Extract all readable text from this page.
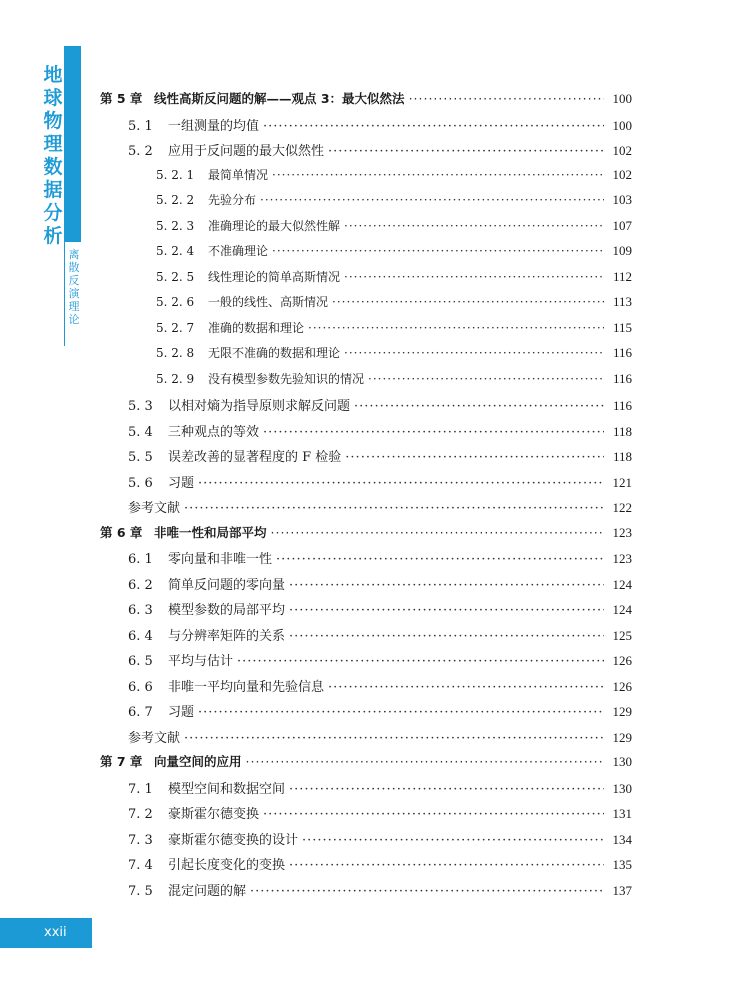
地
球
物
理
数
据
分
析
离
散
反
演
理
论
第 5 章 线性高斯反问题的解——观点 3：最大似然法 ·····	100
5. 1	一组测量的均值 ·····	100
5. 2	应用于反问题的最大似然性 ·····	102
5. 2. 1	最简单情况 ·····	102
5. 2. 2	先验分布 ·····	103
5. 2. 3	准确理论的最大似然性解 ·····	107
5. 2. 4	不准确理论 ·····	109
5. 2. 5	线性理论的简单高斯情况 ·····	112
5. 2. 6	一般的线性、高斯情况 ·····	113
5. 2. 7	准确的数据和理论 ·····	115
5. 2. 8	无限不准确的数据和理论 ·····	116
5. 2. 9	没有模型参数先验知识的情况 ·····	116
5. 3	以相对熵为指导原则求解反问题 ·····	116
5. 4	三种观点的等效 ·····	118
5. 5	误差改善的显著程度的 F 检验 ·····	118
5. 6	习题 ·····	121
参考文献 ·····	122
第 6 章 非唯一性和局部平均 ·····	123
6. 1	零向量和非唯一性 ·····	123
6. 2	简单反问题的零向量 ·····	124
6. 3	模型参数的局部平均 ·····	124
6. 4	与分辨率矩阵的关系 ·····	125
6. 5	平均与估计 ·····	126
6. 6	非唯一平均向量和先验信息 ·····	126
6. 7	习题 ·····	129
参考文献 ·····	129
第 7 章 向量空间的应用 ·····	130
7. 1	模型空间和数据空间 ·····	130
7. 2	豪斯霍尔德变换 ·····	131
7. 3	豪斯霍尔德变换的设计 ·····	134
7. 4	引起长度变化的变换 ·····	135
7. 5	混定问题的解 ·····	137
xxii
